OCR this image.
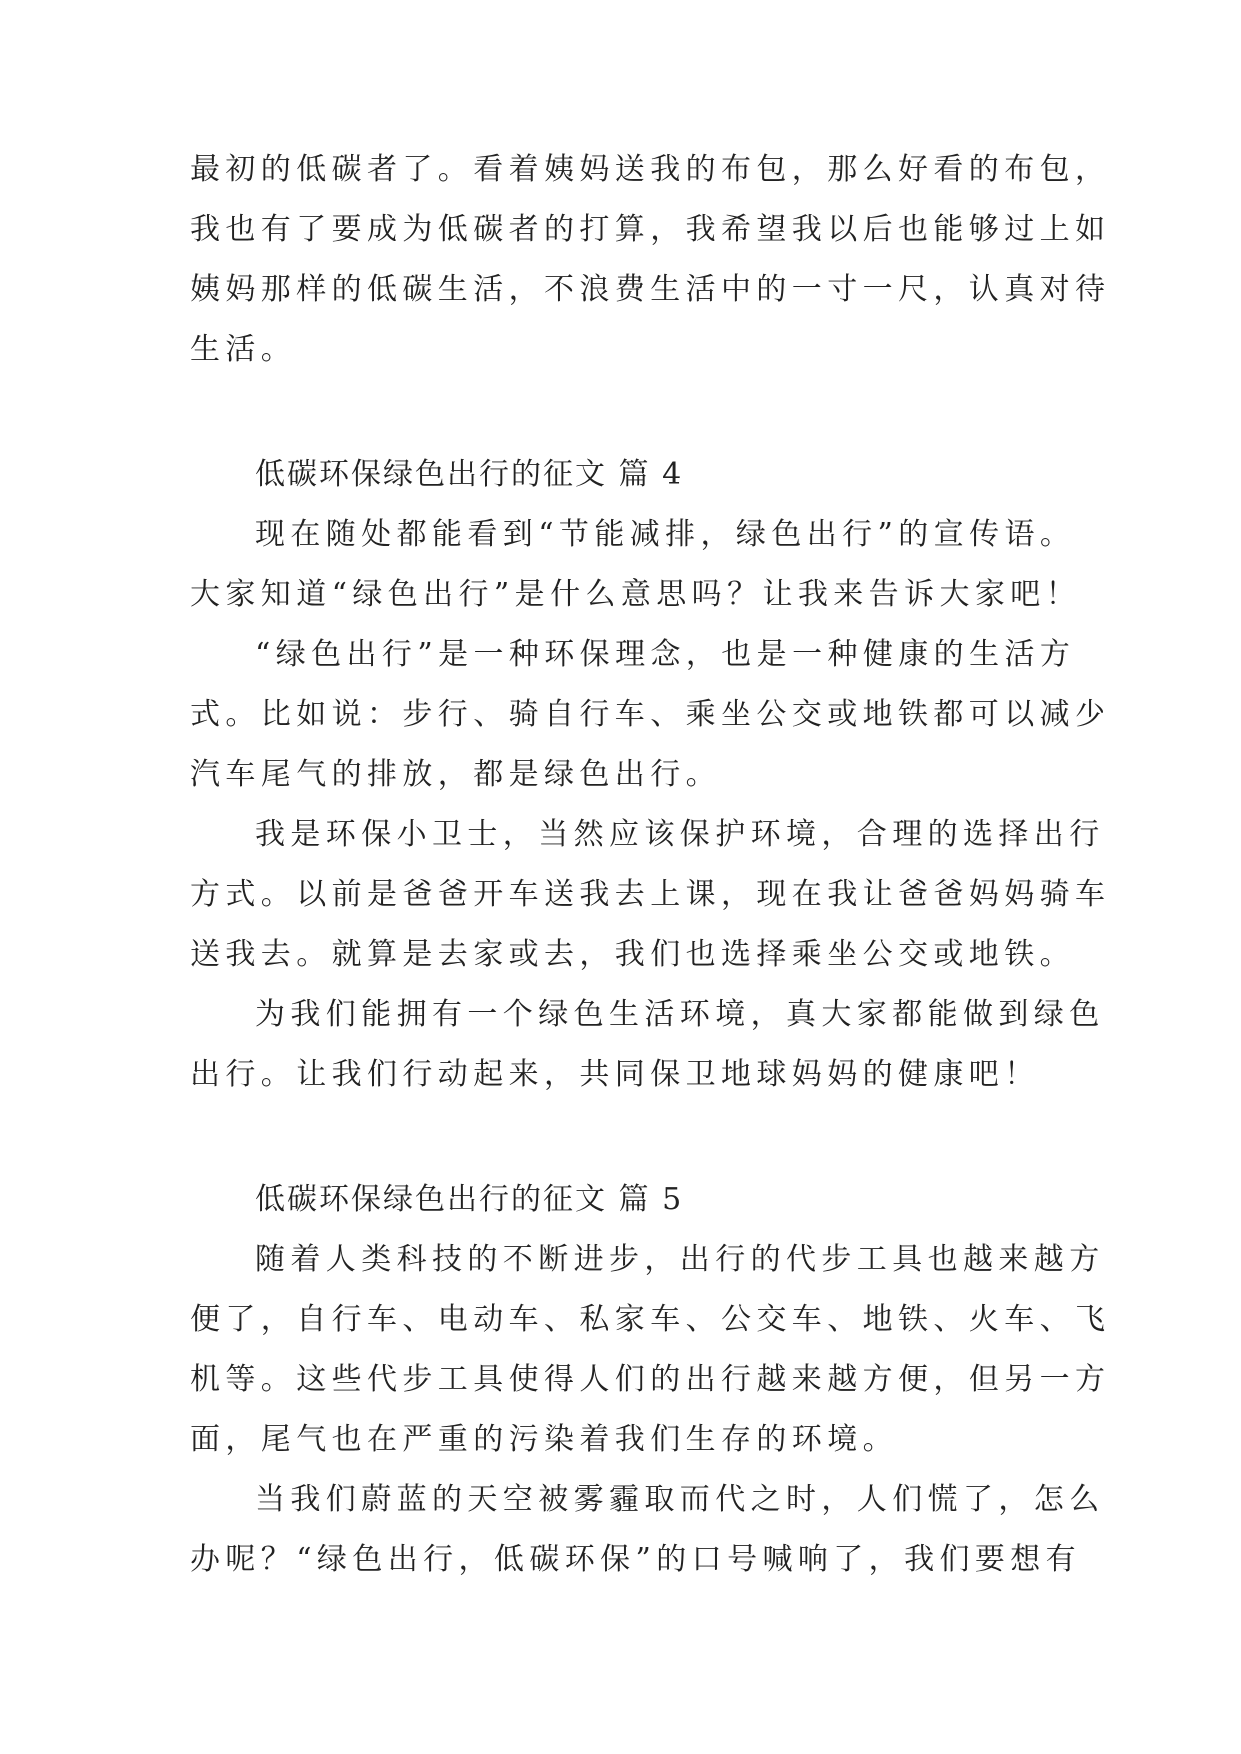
最初的低碳者了。看着姨妈送我的布包，那么好看的布包，
我也有了要成为低碳者的打算，我希望我以后也能够过上如
姨妈那样的低碳生活，不浪费生活中的一寸一尺，认真对待
生活。
低碳环保绿色出行的征文 篇 4
现在随处都能看到“节能减排，绿色出行”的宣传语。
大家知道“绿色出行”是什么意思吗？让我来告诉大家吧！
“绿色出行”是一种环保理念，也是一种健康的生活方
式。比如说：步行、骑自行车、乘坐公交或地铁都可以减少
汽车尾气的排放，都是绿色出行。
我是环保小卫士，当然应该保护环境，合理的选择出行
方式。以前是爸爸开车送我去上课，现在我让爸爸妈妈骑车
送我去。就算是去家或去，我们也选择乘坐公交或地铁。
为我们能拥有一个绿色生活环境，真大家都能做到绿色
出行。让我们行动起来，共同保卫地球妈妈的健康吧！
低碳环保绿色出行的征文 篇 5
随着人类科技的不断进步，出行的代步工具也越来越方
便了，自行车、电动车、私家车、公交车、地铁、火车、飞
机等。这些代步工具使得人们的出行越来越方便，但另一方
面，尾气也在严重的污染着我们生存的环境。
当我们蔚蓝的天空被雾霾取而代之时，人们慌了，怎么
办呢？“绿色出行，低碳环保”的口号喊响了，我们要想有
